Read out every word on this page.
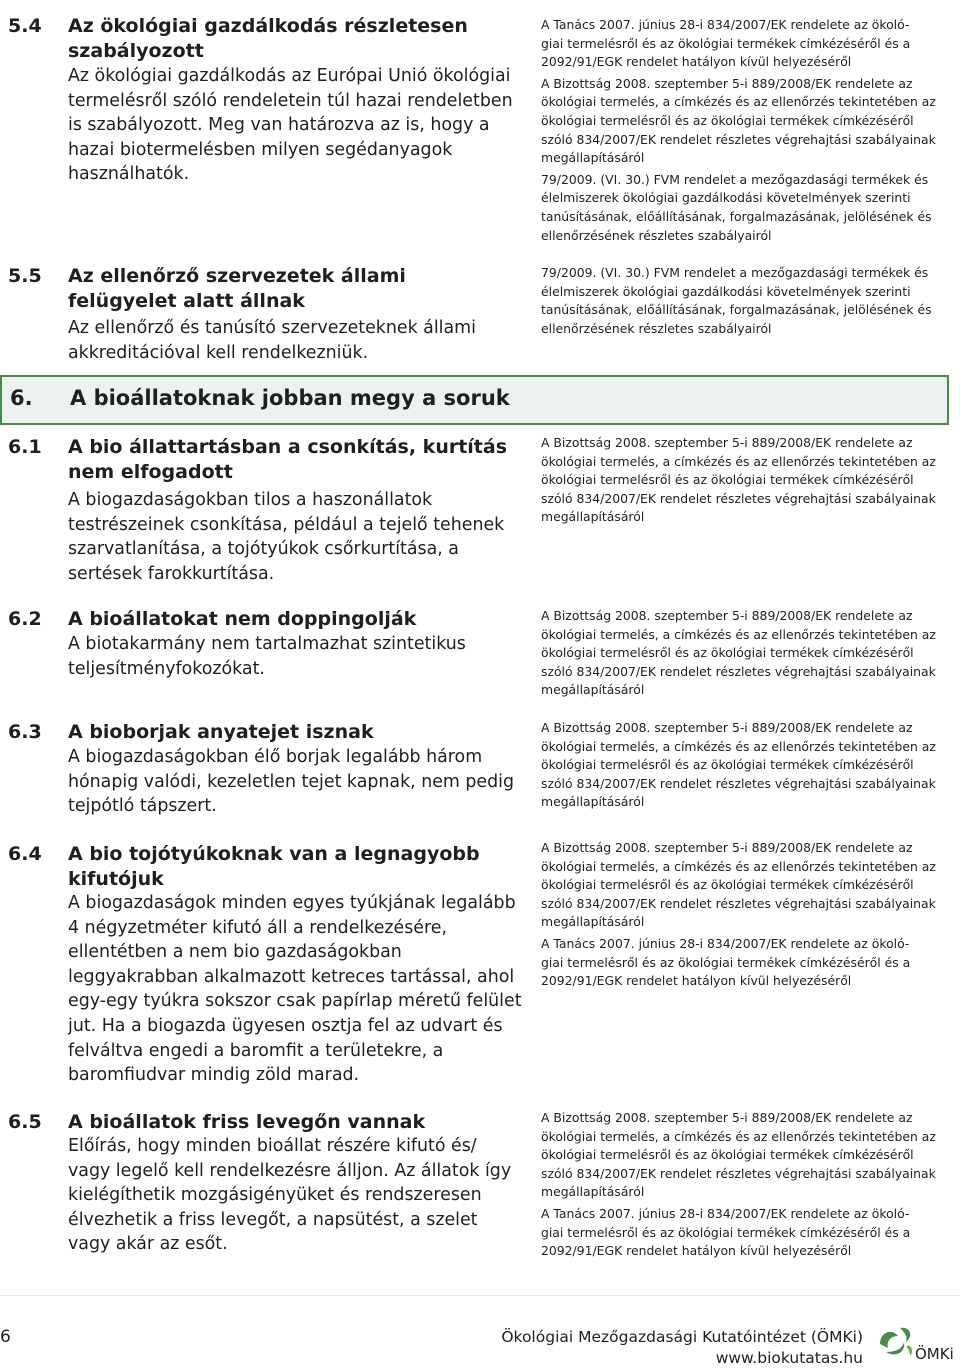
5.4	Az ökológiai gazdálkodás részletesen szabályozott
Az ökológiai gazdálkodás az Európai Unió ökológiai termelésről szóló rendeletein túl hazai rendeletben is szabályozott. Meg van határozva az is, hogy a hazai biotermelésben milyen segédanyagok használhatók.

A Tanács 2007. június 28-i 834/2007/EK rendelete az ökoló-
giai termelésről és az ökológiai termékek címkézéséről és a 2092/91/EGK rendelet hatályon kívül helyezéséről

A Bizottság 2008. szeptember 5-i 889/2008/EK rendelete az ökológiai termelés, a címkézés és az ellenőrzés tekintetében az ökológiai termelésről és az ökológiai termékek címkézéséről szóló 834/2007/EK rendelet részletes végrehajtási szabályainak megállapításáról

79/2009. (VI. 30.) FVM rendelet a mezőgazdasági termékek és élelmiszerek ökológiai gazdálkodási követelmények szerinti tanúsításának, előállításának, forgalmazásának, jelölésének és ellenőrzésének részletes szabályairól

5.5	Az ellenőrző szervezetek állami felügyelet alatt állnak
Az ellenőrző és tanúsító szervezeteknek állami akkreditációval kell rendelkezniük.

79/2009. (VI. 30.) FVM rendelet a mezőgazdasági termékek és élelmiszerek ökológiai gazdálkodási követelmények szerinti tanúsításának, előállításának, forgalmazásának, jelölésének és ellenőrzésének részletes szabályairól

6. A bioállatoknak jobban megy a soruk
6.1	A bio állattartásban a csonkítás, kurtítás nem elfogadott
A biogazdaságokban tilos a haszonállatok testrészeinek csonkítása, például a tejelő tehenek szarvatlanítása, a tojótyúkok csőrkurtítása, a sertések farokkurtítása.

A Bizottság 2008. szeptember 5-i 889/2008/EK rendelete az ökológiai termelés, a címkézés és az ellenőrzés tekintetében az ökológiai termelésről és az ökológiai termékek címkézéséről szóló 834/2007/EK rendelet részletes végrehajtási szabályainak megállapításáról

6.2	A bioállatokat nem doppingolják
A biotakarmány nem tartalmazhat szintetikus teljesítményfokozókat.

A Bizottság 2008. szeptember 5-i 889/2008/EK rendelete az ökológiai termelés, a címkézés és az ellenőrzés tekintetében az ökológiai termelésről és az ökológiai termékek címkézéséről szóló 834/2007/EK rendelet részletes végrehajtási szabályainak megállapításáról

6.3	A bioborjak anyatejet isznak
A biogazdaságokban élő borjak legalább három hónapig valódi, kezeletlen tejet kapnak, nem pedig tejpótló tápszert.

A Bizottság 2008. szeptember 5-i 889/2008/EK rendelete az ökológiai termelés, a címkézés és az ellenőrzés tekintetében az ökológiai termelésről és az ökológiai termékek címkézéséről szóló 834/2007/EK rendelet részletes végrehajtási szabályainak megállapításáról

6.4	A bio tojótyúkoknak van a legnagyobb kifutójuk
A biogazdaságok minden egyes tyúkjának legalább 4 négyzetméter kifutó áll a rendelkezésére, ellentétben a nem bio gazdaságokban leggyakrabban alkalmazott ketreces tartással, ahol egy-egy tyúkra sokszor csak papírlap méretű felület jut. Ha a biogazda ügyesen osztja fel az udvart és felváltva engedi a baromfit a területekre, a baromfiudvar mindig zöld marad.

A Bizottság 2008. szeptember 5-i 889/2008/EK rendelete az ökológiai termelés, a címkézés és az ellenőrzés tekintetében az ökológiai termelésről és az ökológiai termékek címkézéséről szóló 834/2007/EK rendelet részletes végrehajtási szabályainak megállapításáról

A Tanács 2007. június 28-i 834/2007/EK rendelete az ökoló-
giai termelésről és az ökológiai termékek címkézéséről és a 2092/91/EGK rendelet hatályon kívül helyezéséről

6.5	A bioállatok friss levegőn vannak
Előírás, hogy minden bioállat részére kifutó és/ vagy legelő kell rendelkezésre álljon. Az állatok így kielégíthetik mozgásigényüket és rendszeresen élvezhetik a friss levegőt, a napsütést, a szelet vagy akár az esőt.

A Bizottság 2008. szeptember 5-i 889/2008/EK rendelete az ökológiai termelés, a címkézés és az ellenőrzés tekintetében az ökológiai termelésről és az ökológiai termékek címkézéséről szóló 834/2007/EK rendelet részletes végrehajtási szabályainak megállapításáról

A Tanács 2007. június 28-i 834/2007/EK rendelete az ökoló-
giai termelésről és az ökológiai termékek címkézéséről és a 2092/91/EGK rendelet hatályon kívül helyezéséről

6	Ökológiai Mezőgazdasági Kutatóintézet (ÖMKi)
www.biokutatas.hu	ÖMKi
